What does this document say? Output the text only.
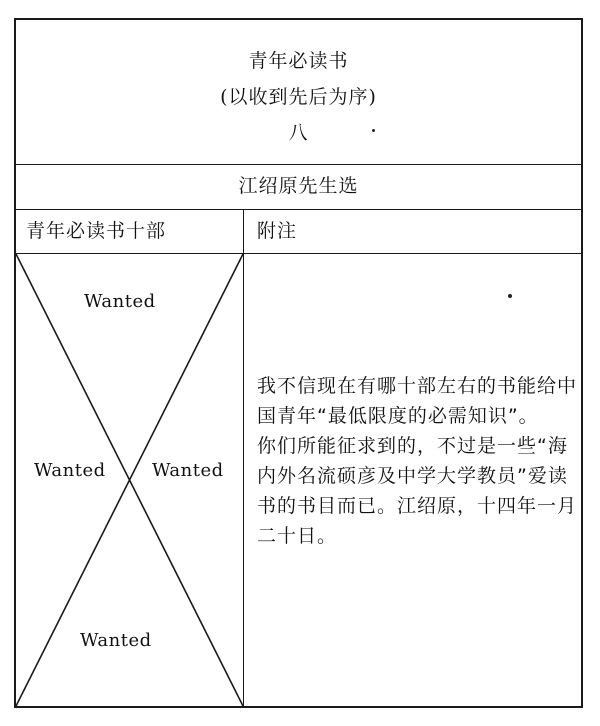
青年必读书
(以收到先后为序)
八
江绍原先生选
青年必读书十部	附注
Wanted
Wanted	Wanted
Wanted

我不信现在有哪十部左右的书能给中国青年“最低限度的必需知识”。

你们所能征求到的，不过是一些“海内外名流硕彦及中学大学教员”爱读书的书目而已。江绍原，十四年一月二十日。
